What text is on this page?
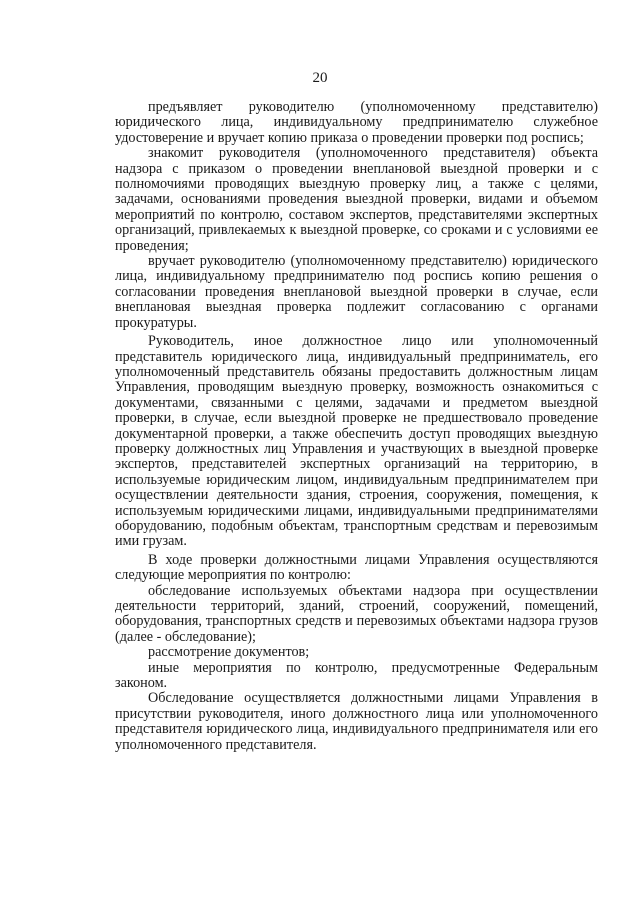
20

предъявляет руководителю (уполномоченному представителю) юридического лица, индивидуальному предпринимателю служебное удостоверение и вручает копию приказа о проведении проверки под роспись;

знакомит руководителя (уполномоченного представителя) объекта надзора с приказом о проведении внеплановой выездной проверки и с полномочиями проводящих выездную проверку лиц, а также с целями, задачами, основаниями проведения выездной проверки, видами и объемом мероприятий по контролю, составом экспертов, представителями экспертных организаций, привлекаемых к выездной проверке, со сроками и с условиями ее проведения;

вручает руководителю (уполномоченному представителю) юридического лица, индивидуальному предпринимателю под роспись копию решения о согласовании проведения внеплановой выездной проверки в случае, если внеплановая выездная проверка подлежит согласованию с органами прокуратуры.

Руководитель, иное должностное лицо или уполномоченный представитель юридического лица, индивидуальный предприниматель, его уполномоченный представитель обязаны предоставить должностным лицам Управления, проводящим выездную проверку, возможность ознакомиться с документами, связанными с целями, задачами и предметом выездной проверки, в случае, если выездной проверке не предшествовало проведение документарной проверки, а также обеспечить доступ проводящих выездную проверку должностных лиц Управления и участвующих в выездной проверке экспертов, представителей экспертных организаций на территорию, в используемые юридическим лицом, индивидуальным предпринимателем при осуществлении деятельности здания, строения, сооружения, помещения, к используемым юридическими лицами, индивидуальными предпринимателями оборудованию, подобным объектам, транспортным средствам и перевозимым ими грузам.

В ходе проверки должностными лицами Управления осуществляются следующие мероприятия по контролю:

обследование используемых объектами надзора при осуществлении деятельности территорий, зданий, строений, сооружений, помещений, оборудования, транспортных средств и перевозимых объектами надзора грузов (далее - обследование);

рассмотрение документов;

иные мероприятия по контролю, предусмотренные Федеральным законом.

Обследование осуществляется должностными лицами Управления в присутствии руководителя, иного должностного лица или уполномоченного представителя юридического лица, индивидуального предпринимателя или его уполномоченного представителя.
